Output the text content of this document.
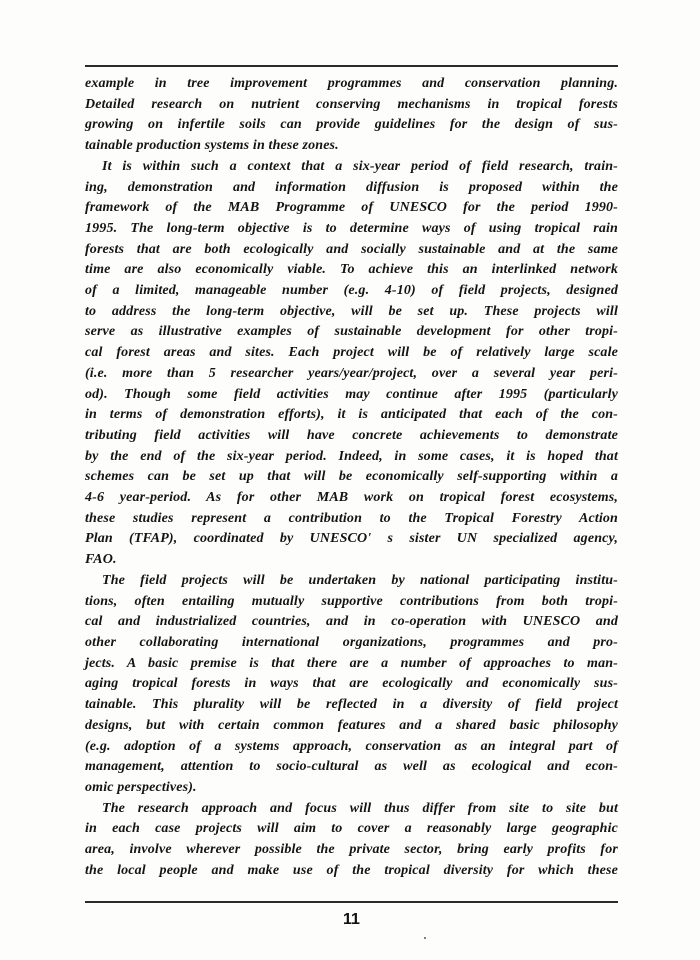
example in tree improvement programmes and conservation planning.
Detailed research on nutrient conserving mechanisms in tropical forests
growing on infertile soils can provide guidelines for the design of sus-
tainable production systems in these zones.
It is within such a context that a six-year period of field research, train-
ing, demonstration and information diffusion is proposed within the
framework of the MAB Programme of UNESCO for the period 1990-
1995. The long-term objective is to determine ways of using tropical rain
forests that are both ecologically and socially sustainable and at the same
time are also economically viable. To achieve this an interlinked network
of a limited, manageable number (e.g. 4-10) of field projects, designed
to address the long-term objective, will be set up. These projects will
serve as illustrative examples of sustainable development for other tropi-
cal forest areas and sites. Each project will be of relatively large scale
(i.e. more than 5 researcher years/year/project, over a several year peri-
od). Though some field activities may continue after 1995 (particularly
in terms of demonstration efforts), it is anticipated that each of the con-
tributing field activities will have concrete achievements to demonstrate
by the end of the six-year period. Indeed, in some cases, it is hoped that
schemes can be set up that will be economically self-supporting within a
4-6 year-period. As for other MAB work on tropical forest ecosystems,
these studies represent a contribution to the Tropical Forestry Action
Plan (TFAP), coordinated by UNESCO' s sister UN specialized agency,
FAO.
The field projects will be undertaken by national participating institu-
tions, often entailing mutually supportive contributions from both tropi-
cal and industrialized countries, and in co-operation with UNESCO and
other collaborating international organizations, programmes and pro-
jects. A basic premise is that there are a number of approaches to man-
aging tropical forests in ways that are ecologically and economically sus-
tainable. This plurality will be reflected in a diversity of field project
designs, but with certain common features and a shared basic philosophy
(e.g. adoption of a systems approach, conservation as an integral part of
management, attention to socio-cultural as well as ecological and econ-
omic perspectives).
The research approach and focus will thus differ from site to site but
in each case projects will aim to cover a reasonably large geographic
area, involve wherever possible the private sector, bring early profits for
the local people and make use of the tropical diversity for which these
11
